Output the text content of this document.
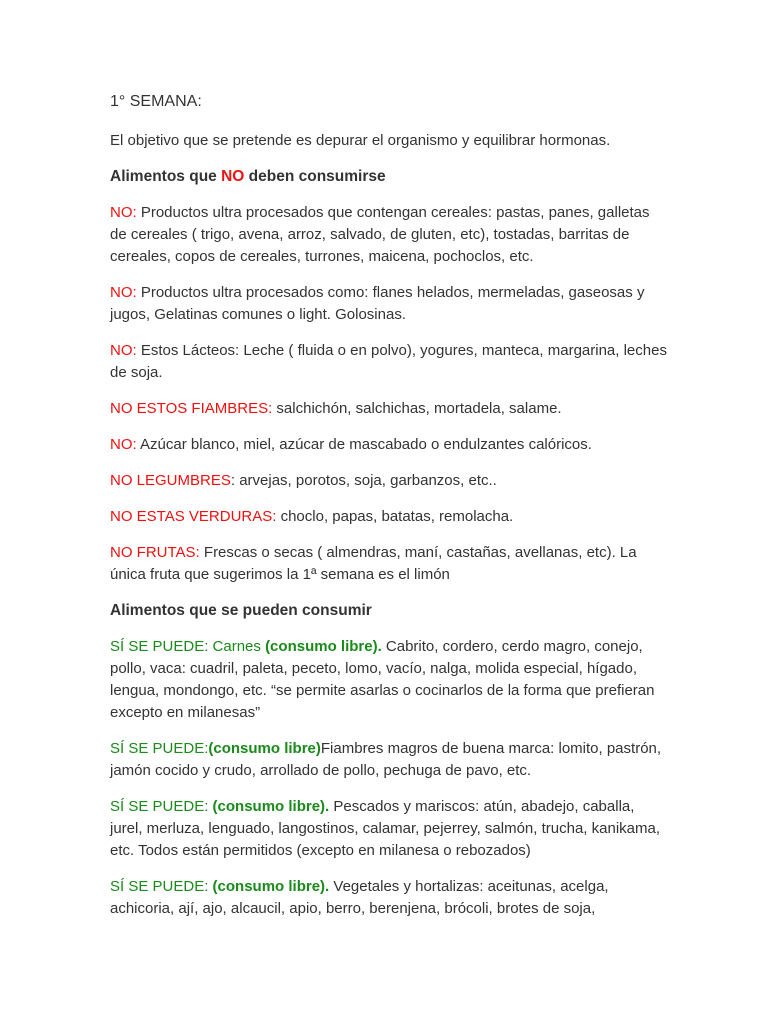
1° SEMANA:

El objetivo que se pretende es depurar el organismo y equilibrar hormonas.

Alimentos que NO deben consumirse

NO: Productos ultra procesados que contengan cereales: pastas, panes, galletas de cereales ( trigo, avena, arroz, salvado, de gluten, etc), tostadas, barritas de cereales, copos de cereales, turrones, maicena, pochoclos, etc.

NO: Productos ultra procesados como: flanes helados, mermeladas, gaseosas y jugos, Gelatinas comunes o light. Golosinas.

NO: Estos Lácteos: Leche ( fluida o en polvo), yogures, manteca, margarina, leches de soja.

NO ESTOS FIAMBRES: salchichón, salchichas, mortadela, salame.

NO: Azúcar blanco, miel, azúcar de mascabado o endulzantes calóricos.

NO LEGUMBRES: arvejas, porotos, soja, garbanzos, etc..

NO ESTAS VERDURAS: choclo, papas, batatas, remolacha.

NO FRUTAS: Frescas o secas ( almendras, maní, castañas, avellanas, etc). La única fruta que sugerimos la 1ª semana es el limón

Alimentos que se pueden consumir

SÍ SE PUEDE: Carnes (consumo libre). Cabrito, cordero, cerdo magro, conejo, pollo, vaca: cuadril, paleta, peceto, lomo, vacío, nalga, molida especial, hígado, lengua, mondongo, etc. “se permite asarlas o cocinarlos de la forma que prefieran excepto en milanesas”

SÍ SE PUEDE:(consumo libre)Fiambres magros de buena marca: lomito, pastrón, jamón cocido y crudo, arrollado de pollo, pechuga de pavo, etc.

SÍ SE PUEDE: (consumo libre). Pescados y mariscos: atún, abadejo, caballa, jurel, merluza, lenguado, langostinos, calamar, pejerrey, salmón, trucha, kanikama, etc. Todos están permitidos (excepto en milanesa o rebozados)

SÍ SE PUEDE: (consumo libre). Vegetales y hortalizas: aceitunas, acelga, achicoria, ají, ajo, alcaucil, apio, berro, berenjena, brócoli, brotes de soja,
